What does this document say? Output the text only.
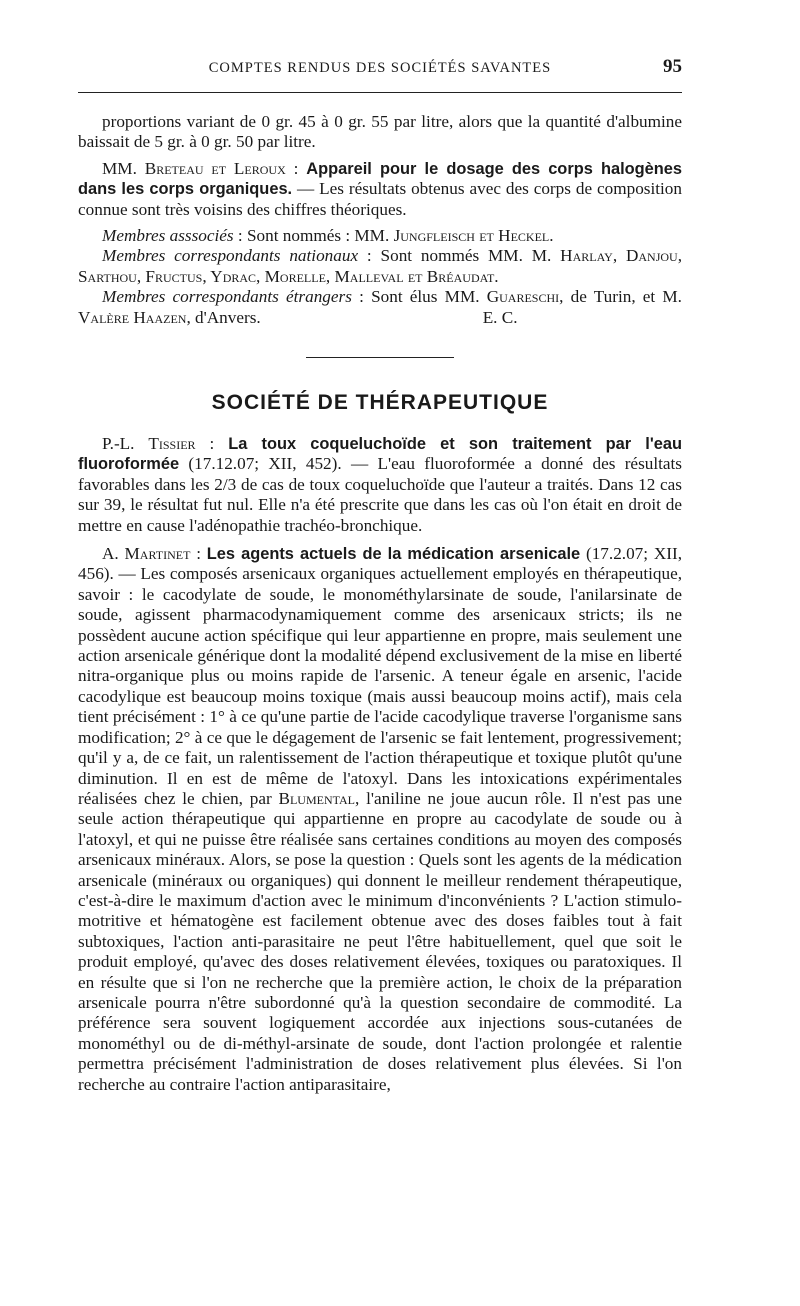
COMPTES RENDUS DES SOCIÉTÉS SAVANTES	95

proportions variant de 0 gr. 45 à 0 gr. 55 par litre, alors que la quantité d'albumine baissait de 5 gr. à 0 gr. 50 par litre.

MM. Breteau et Leroux : Appareil pour le dosage des corps halogènes dans les corps organiques. — Les résultats obtenus avec des corps de composition connue sont très voisins des chiffres théoriques.

Membres asssociés : Sont nommés : MM. Jungfleisch et Heckel.

Membres correspondants nationaux : Sont nommés MM. M. Harlay, Danjou, Sarthou, Fructus, Ydrac, Morelle, Malleval et Bréaudat.

Membres correspondants étrangers : Sont élus MM. Guareschi, de Turin, et M. Valère Haazen, d'Anvers.	E. C.

SOCIÉTÉ DE THÉRAPEUTIQUE

P.-L. Tissier : La toux coqueluchoïde et son traitement par l'eau fluoroformée (17.12.07; XII, 452). — L'eau fluoroformée a donné des résultats favorables dans les 2/3 de cas de toux coqueluchoïde que l'auteur a traités. Dans 12 cas sur 39, le résultat fut nul. Elle n'a été prescrite que dans les cas où l'on était en droit de mettre en cause l'adénopathie trachéo-bronchique.

A. Martinet : Les agents actuels de la médication arsenicale (17.2.07; XII, 456). — Les composés arsenicaux organiques actuellement employés en thérapeutique, savoir : le cacodylate de soude, le monométhylarsinate de soude, l'anilarsinate de soude, agissent pharmacodynamiquement comme des arsenicaux stricts; ils ne possèdent aucune action spécifique qui leur appartienne en propre, mais seulement une action arsenicale générique dont la modalité dépend exclusivement de la mise en liberté nitra-organique plus ou moins rapide de l'arsenic. A teneur égale en arsenic, l'acide cacodylique est beaucoup moins toxique (mais aussi beaucoup moins actif), mais cela tient précisément : 1° à ce qu'une partie de l'acide cacodylique traverse l'organisme sans modification; 2° à ce que le dégagement de l'arsenic se fait lentement, progressivement; qu'il y a, de ce fait, un ralentissement de l'action thérapeutique et toxique plutôt qu'une diminution. Il en est de même de l'atoxyl. Dans les intoxications expérimentales réalisées chez le chien, par Blumental, l'aniline ne joue aucun rôle. Il n'est pas une seule action thérapeutique qui appartienne en propre au cacodylate de soude ou à l'atoxyl, et qui ne puisse être réalisée sans certaines conditions au moyen des composés arsenicaux minéraux. Alors, se pose la question : Quels sont les agents de la médication arsenicale (minéraux ou organiques) qui donnent le meilleur rendement thérapeutique, c'est-à-dire le maximum d'action avec le minimum d'inconvénients ? L'action stimulo-motritive et hématogène est facilement obtenue avec des doses faibles tout à fait subtoxiques, l'action anti-parasitaire ne peut l'être habituellement, quel que soit le produit employé, qu'avec des doses relativement élevées, toxiques ou paratoxiques. Il en résulte que si l'on ne recherche que la première action, le choix de la préparation arsenicale pourra n'être subordonné qu'à la question secondaire de commodité. La préférence sera souvent logiquement accordée aux injections sous-cutanées de monométhyl ou de di-méthyl-arsinate de soude, dont l'action prolongée et ralentie permettra précisément l'administration de doses relativement plus élevées. Si l'on recherche au contraire l'action antiparasitaire,
